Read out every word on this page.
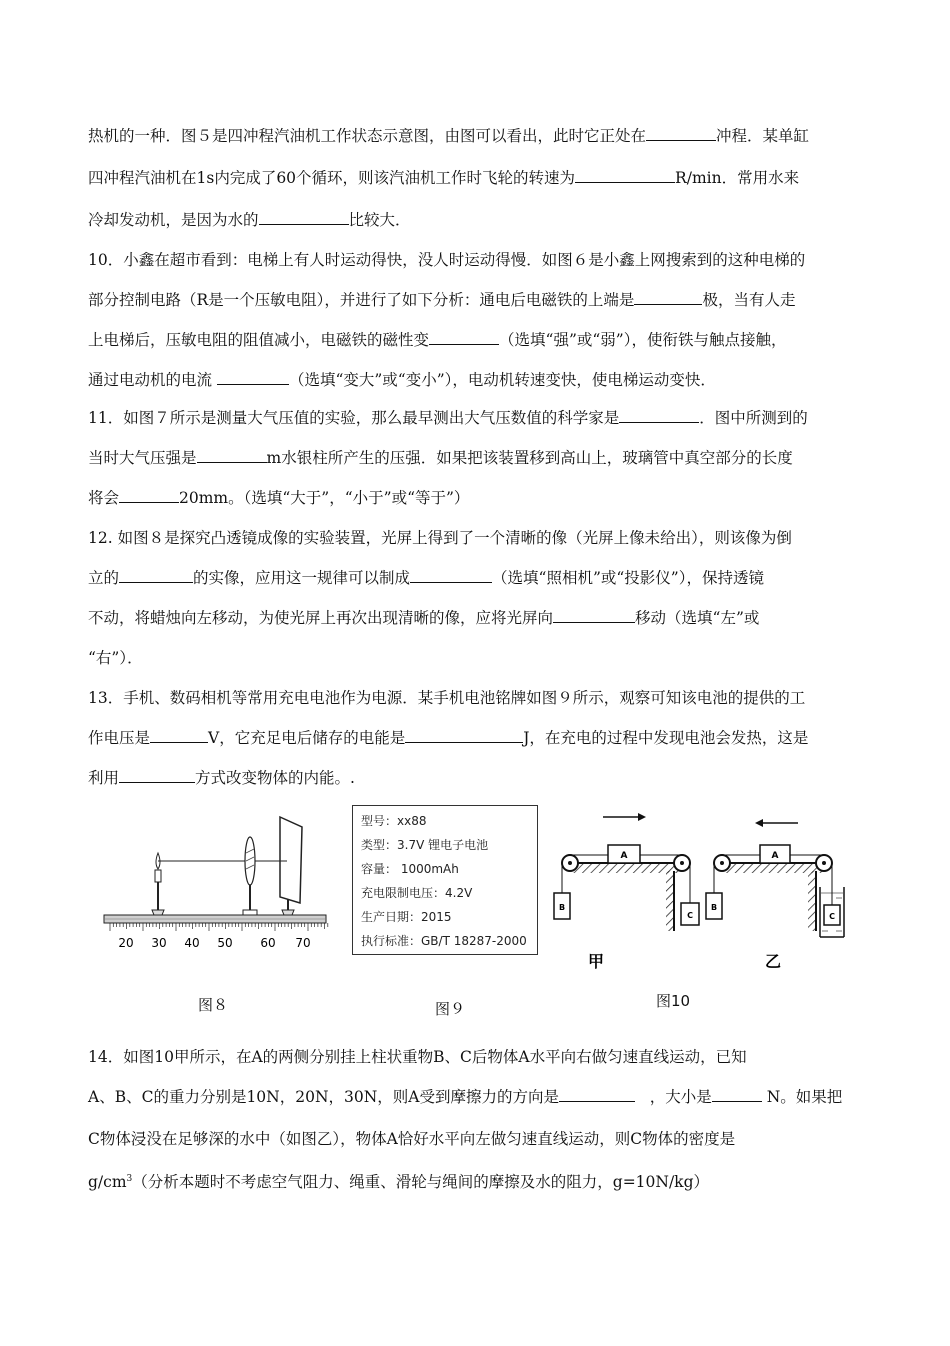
热机的一种．图５是四冲程汽油机工作状态示意图，由图可以看出，此时它正处在	冲程．某单缸
四冲程汽油机在1s内完成了60个循环，则该汽油机工作时飞轮的转速为	R/min．常用水来
冷却发动机，是因为水的	比较大．
10．小鑫在超市看到：电梯上有人时运动得快，没人时运动得慢．如图６是小鑫上网搜索到的这种电梯的
部分控制电路（R是一个压敏电阻），并进行了如下分析：通电后电磁铁的上端是	极，当有人走
上电梯后，压敏电阻的阻值减小，电磁铁的磁性变	（选填“强”或“弱”），使衔铁与触点接触，
通过电动机的电流	（选填“变大”或“变小”），电动机转速变快，使电梯运动变快．
11．如图７所示是测量大气压值的实验，那么最早测出大气压数值的科学家是	．图中所测到的
当时大气压强是	m水银柱所产生的压强．如果把该装置移到高山上，玻璃管中真空部分的长度
将会	20mm。（选填“大于”，“小于”或“等于”）
12. 如图８是探究凸透镜成像的实验装置，光屏上得到了一个清晰的像（光屏上像未给出），则该像为倒
立的	的实像，应用这一规律可以制成	（选填“照相机”或“投影仪”），保持透镜
不动，将蜡烛向左移动，为使光屏上再次出现清晰的像，应将光屏向	移动（选填“左”或
“右”）．
13．手机、数码相机等常用充电电池作为电源．某手机电池铭牌如图９所示，观察可知该电池的提供的工
作电压是	V，它充足电后储存的电能是	J，在充电的过程中发现电池会发热，这是
利用	方式改变物体的内能。.
20 30 40 50 60 70
图８
型号：xx88
类型：3.7V 锂电子电池
容量： 1000mAh
充电限制电压：4.2V
生产日期：2015
执行标准：GB/T 18287-2000
图９
A
B
C
甲
A
B
C
乙
图10
14．如图10甲所示，在A的两侧分别挂上柱状重物B、C后物体A水平向右做匀速直线运动，已知
A、B、C的重力分别是10N，20N，30N，则A受到摩擦力的方向是	，大小是	N。如果把
C物体浸没在足够深的水中（如图乙），物体A恰好水平向左做匀速直线运动，则C物体的密度是
$g/cm^3$（分析本题时不考虑空气阻力、绳重、滑轮与绳间的摩擦及水的阻力，g=10N/kg）
